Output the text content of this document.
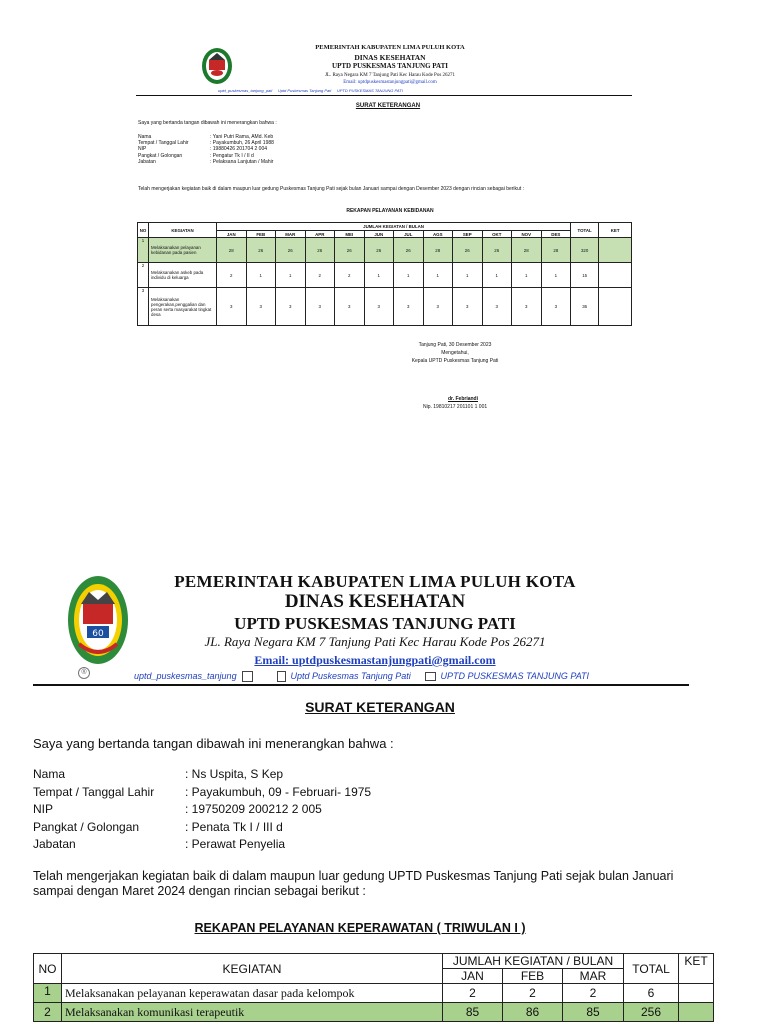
PEMERINTAH KABUPATEN LIMA PULUH KOTA
DINAS KESEHATAN
UPTD PUSKESMAS TANJUNG PATI
JL. Raya Negara KM 7 Tanjung Pati Kec Harau Kode Pos 26271
Email: uptdpuskesmastanjungpati@gmail.com
uptd_puskesmas_tanjung_pati     Uptd Puskesmas Tanjung Pati     UPTD PUSKESMAS TANJUNG PATI
SURAT KETERANGAN
Saya yang bertanda tangan dibawah ini menerangkan bahwa :
Nama	: Yani Putri Rama, AMd. Keb
Tempat / Tanggal Lahir	: Payakumbuh, 26 April 1988
NIP	: 19880426 201704 2 004
Pangkat / Golongan	: Pengatur Tk I / II d
Jabatan	: Pelaksana Lanjutan / Mahir
Telah mengerjakan kegiatan baik di dalam maupun luar gedung Puskesmas Tanjung Pati sejak bulan Januari sampai dengan Desember 2023 dengan rincian sebagai berikut :
REKAPAN PELAYANAN KEBIDANAN
NO	KEGIATAN	JUMLAH KEGIATAN / BULAN												TOTAL	KET
		JAN	FEB	MAR	APR	MEI	JUN	JUL	AGS	SEP	OKT	NOV	DES		
1	Melaksanakan pelayanan kebidanan pada pasien	28	26	26	26	26	26	26	28	26	26	28	28	320	
2	Melaksanakan askeb pada individu di keluarga	2	1	1	2	2	1	1	1	1	1	1	1	15	
3	Melaksanakan pengerakan,penggalian dan peran serta masyarakat tingkat desa	3	3	3	3	3	3	3	3	3	3	3	3	36	
Tanjung Pati, 30 Desember 2023
Mengetahui,
Kepala UPTD Puskesmas Tanjung Pati
dr. Febriandi
Nip. 19810217 201101 1 001
60
®
PEMERINTAH KABUPATEN LIMA PULUH KOTA
DINAS KESEHATAN
UPTD PUSKESMAS TANJUNG PATI
JL. Raya Negara KM 7 Tanjung Pati Kec Harau Kode Pos 26271
Email: uptdpuskesmastanjungpati@gmail.com
uptd_puskesmas_tanjung	Uptd Puskesmas Tanjung Pati	UPTD PUSKESMAS TANJUNG PATI
SURAT KETERANGAN
Saya yang bertanda tangan dibawah ini menerangkan bahwa :
Nama	: Ns Uspita, S Kep
Tempat / Tanggal Lahir	: Payakumbuh, 09 - Februari- 1975
NIP	: 19750209 200212 2 005
Pangkat / Golongan	: Penata Tk I / III d
Jabatan	: Perawat Penyelia
Telah mengerjakan kegiatan baik di dalam maupun luar gedung UPTD Puskesmas Tanjung Pati sejak bulan Januari sampai dengan Maret 2024 dengan rincian sebagai berikut :
REKAPAN PELAYANAN KEPERAWATAN ( TRIWULAN I )
NO	KEGIATAN	JUMLAH KEGIATAN / BULAN			TOTAL	KET
		JAN	FEB	MAR		
1	Melaksanakan pelayanan keperawatan dasar pada kelompok	2	2	2	6	
2	Melaksanakan komunikasi terapeutik	85	86	85	256	
